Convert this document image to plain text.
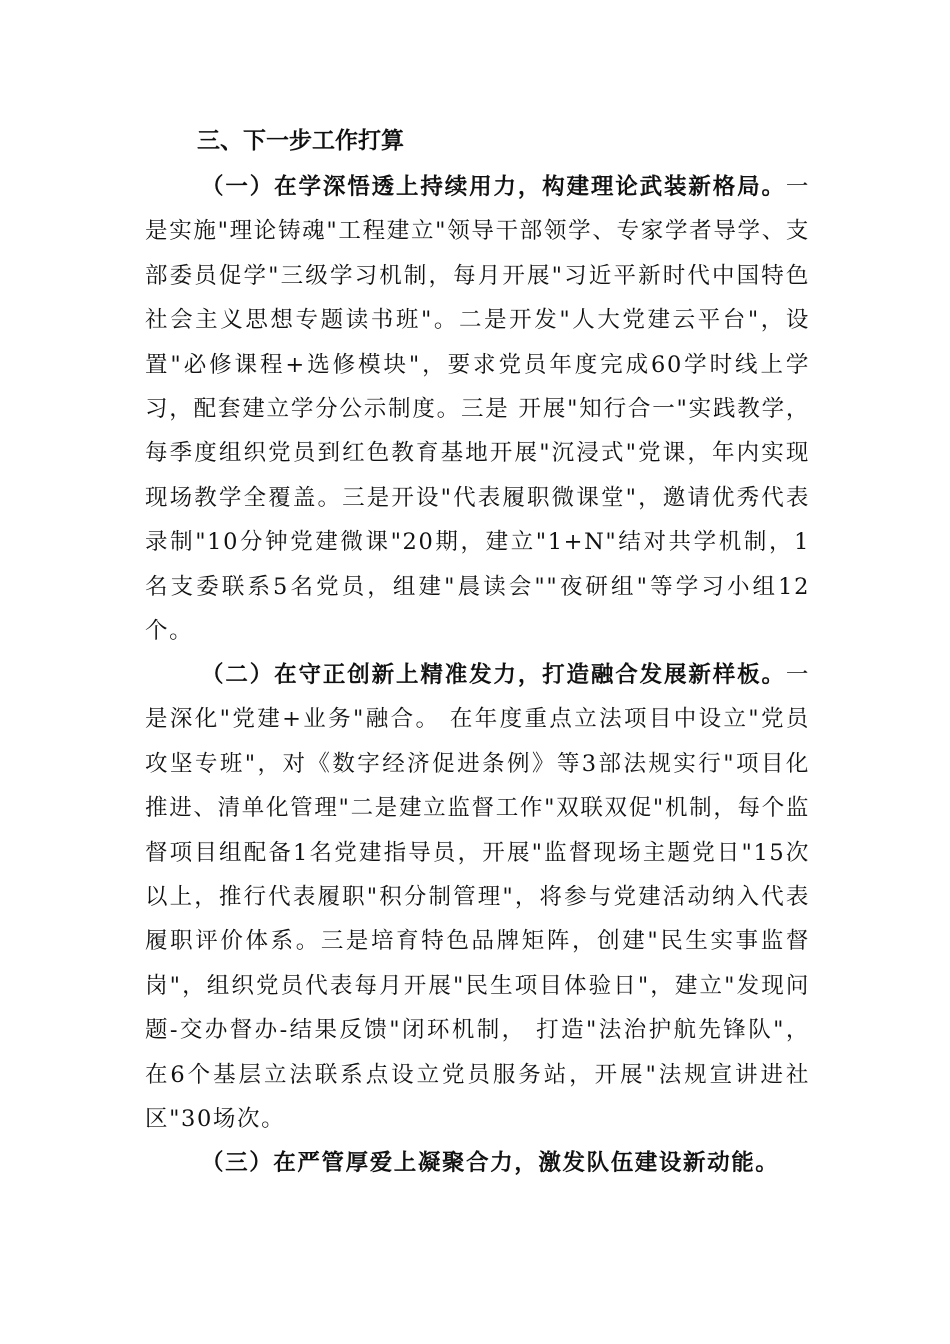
三、下一步工作打算

（一）在学深悟透上持续用力，构建理论武装新格局。一是实施"理论铸魂"工程建立"领导干部领学、专家学者导学、支部委员促学"三级学习机制，每月开展"习近平新时代中国特色社会主义思想专题读书班"。二是开发"人大党建云平台"，设置"必修课程+选修模块"，要求党员年度完成60学时线上学习，配套建立学分公示制度。三是 开展"知行合一"实践教学，每季度组织党员到红色教育基地开展"沉浸式"党课，年内实现现场教学全覆盖。三是开设"代表履职微课堂"，邀请优秀代表录制"10分钟党建微课"20期，建立"1+N"结对共学机制，1名支委联系5名党员，组建"晨读会""夜研组"等学习小组12个。

（二）在守正创新上精准发力，打造融合发展新样板。一是深化"党建+业务"融合。 在年度重点立法项目中设立"党员攻坚专班"，对《数字经济促进条例》等3部法规实行"项目化推进、清单化管理"二是建立监督工作"双联双促"机制，每个监督项目组配备1名党建指导员，开展"监督现场主题党日"15次以上，推行代表履职"积分制管理"，将参与党建活动纳入代表履职评价体系。三是培育特色品牌矩阵，创建"民生实事监督岗"，组织党员代表每月开展"民生项目体验日"，建立"发现问题-交办督办-结果反馈"闭环机制， 打造"法治护航先锋队"，在6个基层立法联系点设立党员服务站，开展"法规宣讲进社区"30场次。

（三）在严管厚爱上凝聚合力，激发队伍建设新动能。
